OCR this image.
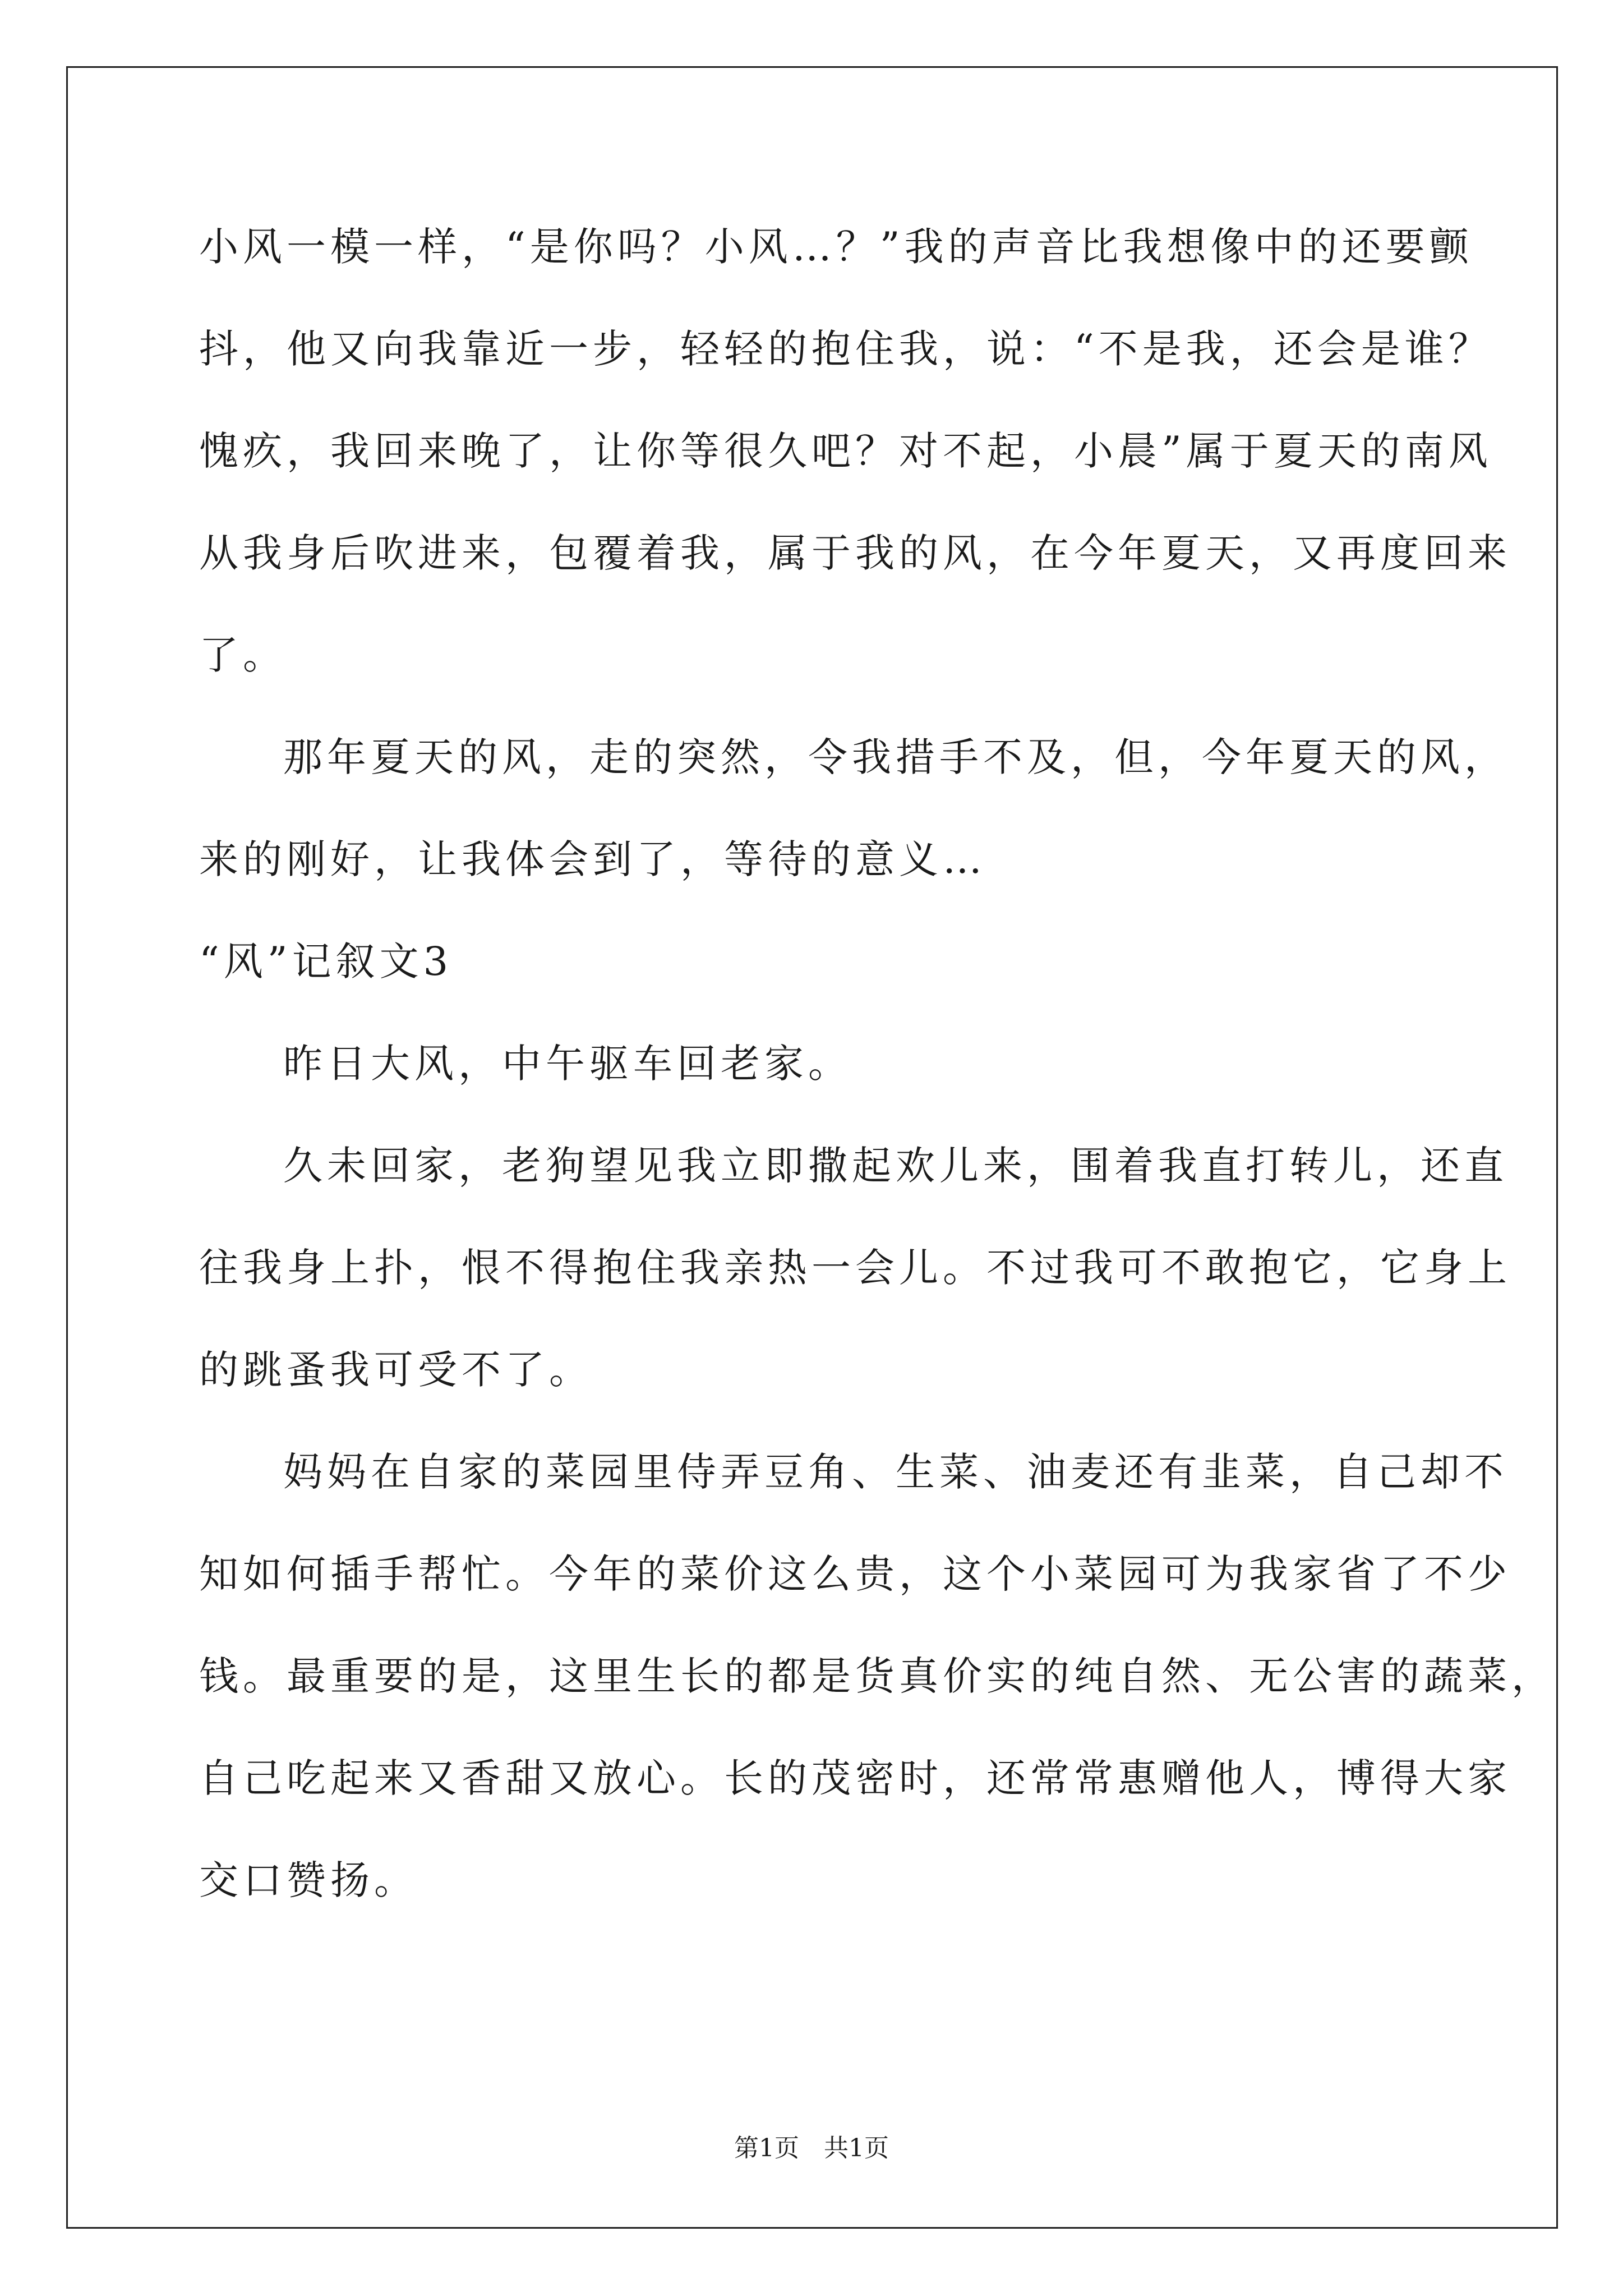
小风一模一样，“是你吗？小风…？”我的声音比我想像中的还要颤
抖，他又向我靠近一步，轻轻的抱住我，说：“不是我，还会是谁？
愧疚，我回来晚了，让你等很久吧？对不起，小晨”属于夏天的南风
从我身后吹进来，包覆着我，属于我的风，在今年夏天，又再度回来
了。
那年夏天的风，走的突然，令我措手不及，但，今年夏天的风，
来的刚好，让我体会到了，等待的意义…
“风”记叙文3
昨日大风，中午驱车回老家。
久未回家，老狗望见我立即撒起欢儿来，围着我直打转儿，还直
往我身上扑，恨不得抱住我亲热一会儿。不过我可不敢抱它，它身上
的跳蚤我可受不了。
妈妈在自家的菜园里侍弄豆角、生菜、油麦还有韭菜，自己却不
知如何插手帮忙。今年的菜价这么贵，这个小菜园可为我家省了不少
钱。最重要的是，这里生长的都是货真价实的纯自然、无公害的蔬菜，
自己吃起来又香甜又放心。长的茂密时，还常常惠赠他人，博得大家
交口赞扬。
第1页　共1页
